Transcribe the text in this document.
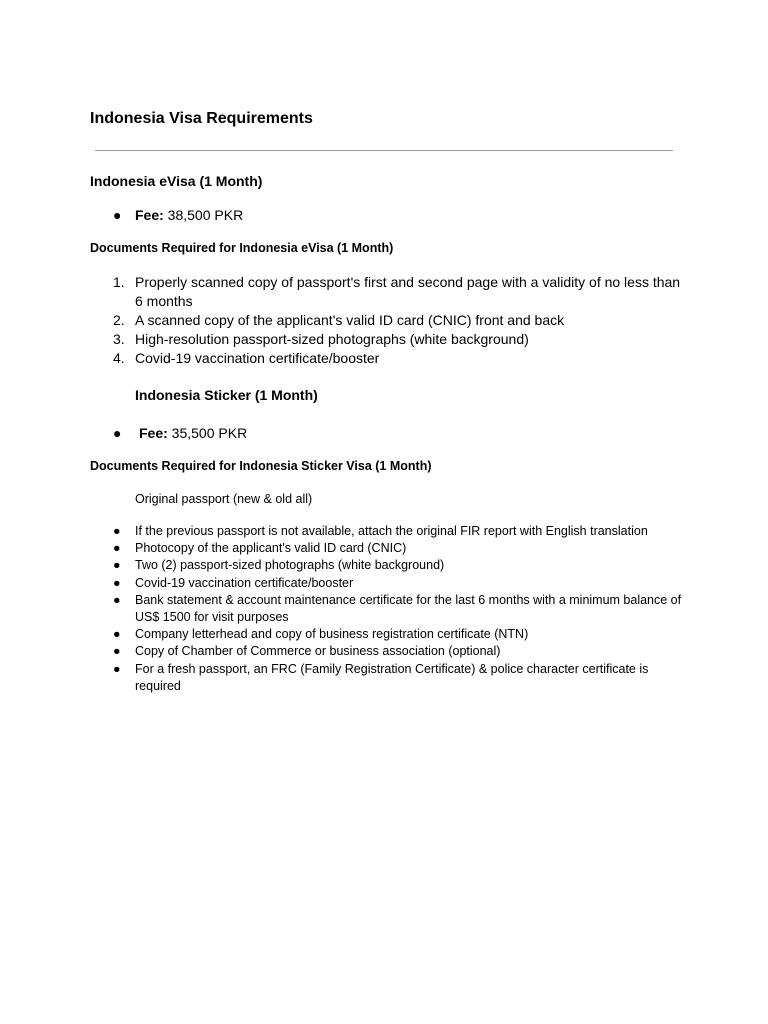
Indonesia Visa Requirements
Indonesia eVisa (1 Month)

● Fee: 38,500 PKR

Documents Required for Indonesia eVisa (1 Month)
1. Properly scanned copy of passport's first and second page with a validity of no less than 6 months
2. A scanned copy of the applicant's valid ID card (CNIC) front and back
3. High-resolution passport-sized photographs (white background)
4. Covid-19 vaccination certificate/booster
Indonesia Sticker (1 Month)

● Fee: 35,500 PKR

Documents Required for Indonesia Sticker Visa (1 Month)

Original passport (new & old all)

● If the previous passport is not available, attach the original FIR report with English translation
● Photocopy of the applicant's valid ID card (CNIC)
● Two (2) passport-sized photographs (white background)
● Covid-19 vaccination certificate/booster
● Bank statement & account maintenance certificate for the last 6 months with a minimum balance of US$ 1500 for visit purposes
● Company letterhead and copy of business registration certificate (NTN)
● Copy of Chamber of Commerce or business association (optional)
● For a fresh passport, an FRC (Family Registration Certificate) & police character certificate is required
